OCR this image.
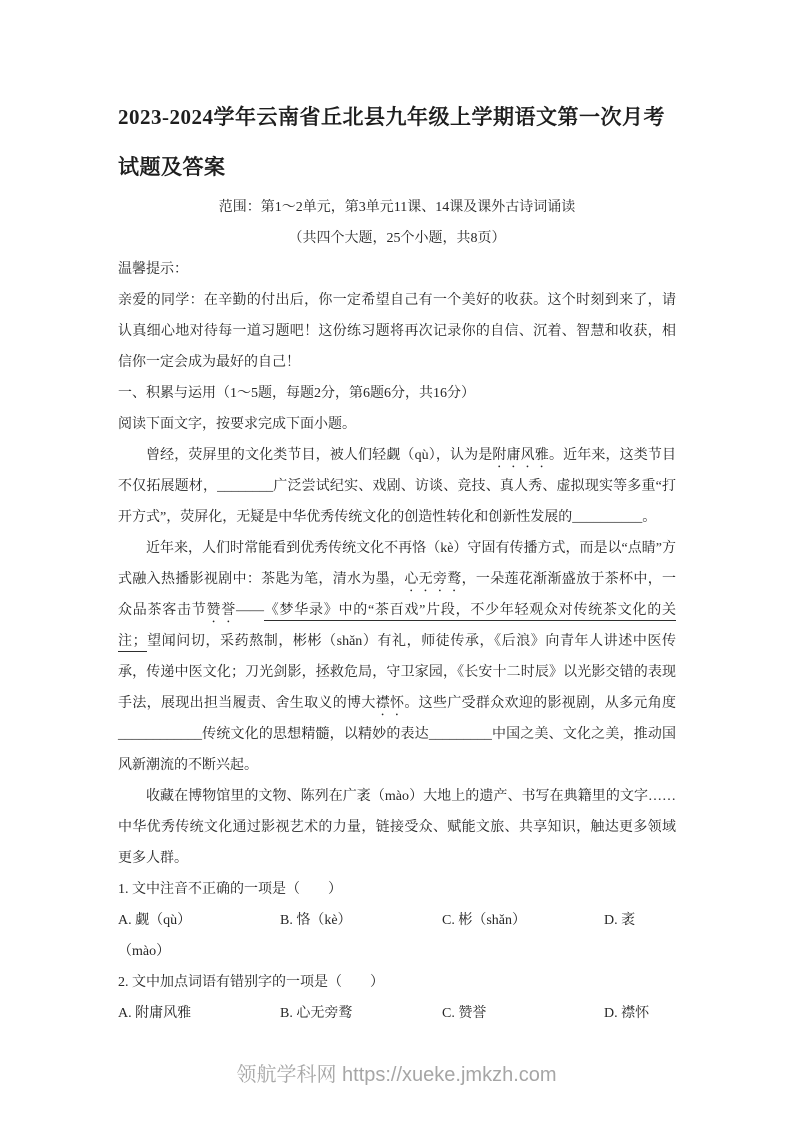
2023-2024学年云南省丘北县九年级上学期语文第一次月考
试题及答案

范围：第1～2单元，第3单元11课、14课及课外古诗词诵读

（共四个大题，25个小题，共8页）

温馨提示：

亲爱的同学：在辛勤的付出后，你一定希望自己有一个美好的收获。这个时刻到来了，请认真细心地对待每一道习题吧！这份练习题将再次记录你的自信、沉着、智慧和收获，相信你一定会成为最好的自己！

一、积累与运用（1～5题，每题2分，第6题6分，共16分）

阅读下面文字，按要求完成下面小题。

曾经，荧屏里的文化类节目，被人们轻觑（qù），认为是附庸风雅。近年来，这类节目不仅拓展题材，________广泛尝试纪实、戏剧、访谈、竞技、真人秀、虚拟现实等多重“打开方式”，荧屏化，无疑是中华优秀传统文化的创造性转化和创新性发展的__________。

近年来，人们时常能看到优秀传统文化不再恪（kè）守固有传播方式，而是以“点睛”方式融入热播影视剧中：茶匙为笔，清水为墨，心无旁鹜，一朵莲花渐渐盛放于茶杯中，一众品茶客击节赞誉——《梦华录》中的“茶百戏”片段，不少年轻观众对传统茶文化的关注；望闻问切，采药熬制，彬彬（shǎn）有礼，师徒传承，《后浪》向青年人讲述中医传承，传递中医文化；刀光剑影，拯救危局，守卫家园，《长安十二时辰》以光影交错的表现手法，展现出担当履责、舍生取义的博大襟怀。这些广受群众欢迎的影视剧，从多元角度____________传统文化的思想精髓，以精妙的表达_________中国之美、文化之美，推动国风新潮流的不断兴起。

收藏在博物馆里的文物、陈列在广袤（mào）大地上的遗产、书写在典籍里的文字……中华优秀传统文化通过影视艺术的力量，链接受众、赋能文旅、共享知识，触达更多领域更多人群。

1. 文中注音不正确的一项是（　　）

A. 觑（qù）	B. 恪（kè）	C. 彬（shǎn）	D. 袤（mào）

2. 文中加点词语有错别字的一项是（　　）

A. 附庸风雅	B. 心无旁鹜	C. 赞誉	D. 襟怀

领航学科网 https://xueke.jmkzh.com
